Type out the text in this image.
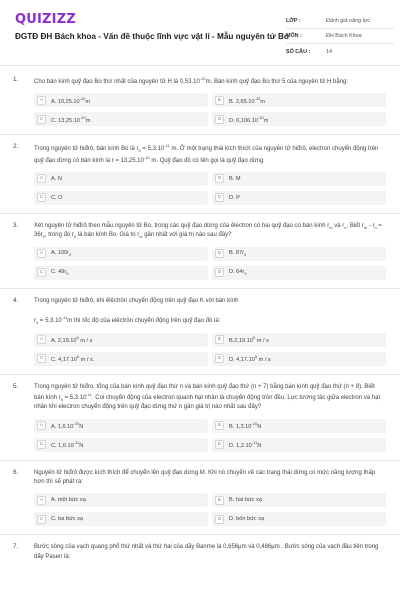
QUIZIZZ
ĐGTĐ ĐH Bách khoa - Vấn đề thuộc lĩnh vực vật lí - Mẫu nguyên tử Bo
LỚP :	Đánh giá năng lực
MÔN :	ĐH Bách Khoa
SỐ CÂU :	14
1.	Cho bán kính quỹ đạo Bo thứ nhất của nguyên tử H là $0,53.10^{-10}m$. Bán kính quỹ đạo Bo thứ 5 của nguyên tử H bằng:
A	A. $10,25.10^{-10}m$	B	B. $2,65.10^{-10}m$
C	C. $13,25.10^{-10}m$	D	D. $0,106.10^{-10}m$
2.	Trong nguyên tử hiđrô, bán kính Bo là $r_0 = 5,3.10^{-11}$ m. Ở một trạng thái kích thích của nguyên tử hiđrô, electron chuyển động trên quỹ đạo dừng có bán kính là $r = 13,25.10^{-10}$ m. Quỹ đạo đó có tên gọi là quỹ đạo dừng
A	A. N	B	B. M
C	C. O	D	D. P
3.	Xét nguyên tử hiđrô theo mẫu nguyên tử Bo, trong các quỹ đạo dừng của êlectron có hai quỹ đạo có bán kính $r_m$ và $r_n$. Biết $r_m - r_n = 36r_0$, trong đó $r_0$ là bán kính Bo. Giá trị $r_m$ gần nhất với giá trị nào sau đây?
A	A. $100r_0$	B	B. $87r_0$
C	C. $49r_0$	D	D. $64r_0$
4.	Trong nguyên tử hiđrô, khi êlêctrôn chuyển động trên quỹ đạo K với bán kính

$r_0 = 5,3.10^{-11}m$ thì tốc độ của elêctrôn chuyển động trên quỹ đạo đó là:
A	A. 2,19.10$^6$ m / s	B	B.2,19.10$^5$ m / s
C	C. 4,17.10$^6$ m / s.	D	D. 4,17.10$^5$ m / s
5.	Trong nguyên tử hiđro, tổng của bán kính quỹ đạo thứ n và bán kính quỹ đạo thứ (n + 7) bằng bán kính quỹ đạo thứ (n + 8). Biết bán kính $r_0 = 5,3.10^{-11}$. Coi chuyển động của electron quanh hạt nhân là chuyển động tròn đều. Lực tương tác giữa electron và hạt nhân khi electron chuyển động trên quỹ đạo dừng thứ n gần giá trị nào nhất sau đây?
A	A. $1,6.10^{-10}N$	B	B. $1,3.10^{-10}N$
C	C. $1,6.10^{-11}N$	D	D. $1,2.10^{-11}N$
6.	Nguyên tử hiđrô được kích thích để chuyển lên quỹ đạo dừng M. Khi nó chuyển về các trạng thái dừng có mức năng lượng thấp hơn thì sẽ phát ra:
A	A. một bức xạ	B	B. hai bức xạ
C	C. ba bức xạ	D	D. bốn bức xạ
7.	Bước sóng của vạch quang phổ thứ nhất và thứ hai của dãy Banme là 0,656μm và 0,486μm . Bước sóng của vạch đầu tiên trong dãy Pasen là:
